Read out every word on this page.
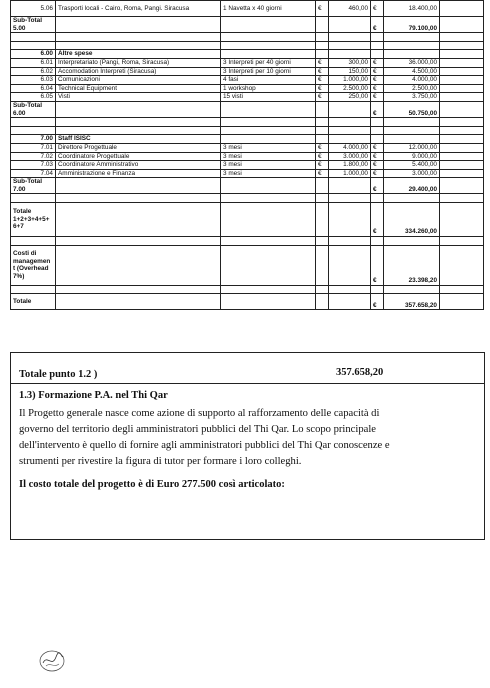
5.06	Trasporti locali - Cairo, Roma, Pangi. Siracusa	1 Navetta x 40 giorni	€	460,00	€	18.400,00	
Sub-Total 5.00					€	79.100,00	

6.00	Altre spese						
6.01	Interpretariato (Pangi, Roma, Siracusa)	3 Interpreti per 40 giorni	€	300,00	€	36.000,00	
6.02	Accomodation Interpreti (Siracusa)	3 Interpreti per 10 giorni	€	150,00	€	4.500,00	
6.03	Comunicazioni	4 fasi	€	1.000,00	€	4.000,00	
6.04	Technical Equipment	1 workshop	€	2.500,00	€	2.500,00	
6.05	Visti	15 visti	€	250,00	€	3.750,00	
Sub-Total 6.00					€	50.750,00	

7.00	Staff ISISC						
7.01	Direttore Progettuale	3 mesi	€	4.000,00	€	12.000,00	
7.02	Coordinatore Progettuale	3 mesi	€	3.000,00	€	9.000,00	
7.03	Coordinatore Amministrativo	3 mesi	€	1.800,00	€	5.400,00	
7.04	Amministrazione e Finanza	3 mesi	€	1.000,00	€	3.000,00	
Sub-Total 7.00					€	29.400,00	

Totale 1+2+3+4+5+ 6+7					€	334.260,00	

Costi di managemen t (Overhead 7%)					€	23.398,20	

Totale					€	357.658,20	
Totale punto 1.2 )	357.658,20
1.3) Formazione P.A. nel Thi Qar
Il Progetto generale nasce come azione di supporto al rafforzamento delle capacità di
governo del territorio degli amministratori pubblici del Thi Qar. Lo scopo principale
dell'intervento è quello di fornire agli amministratori pubblici del Thi Qar conoscenze e
strumenti per rivestire la figura di tutor per formare i loro colleghi.
Il costo totale del progetto è di Euro 277.500 così articolato:
